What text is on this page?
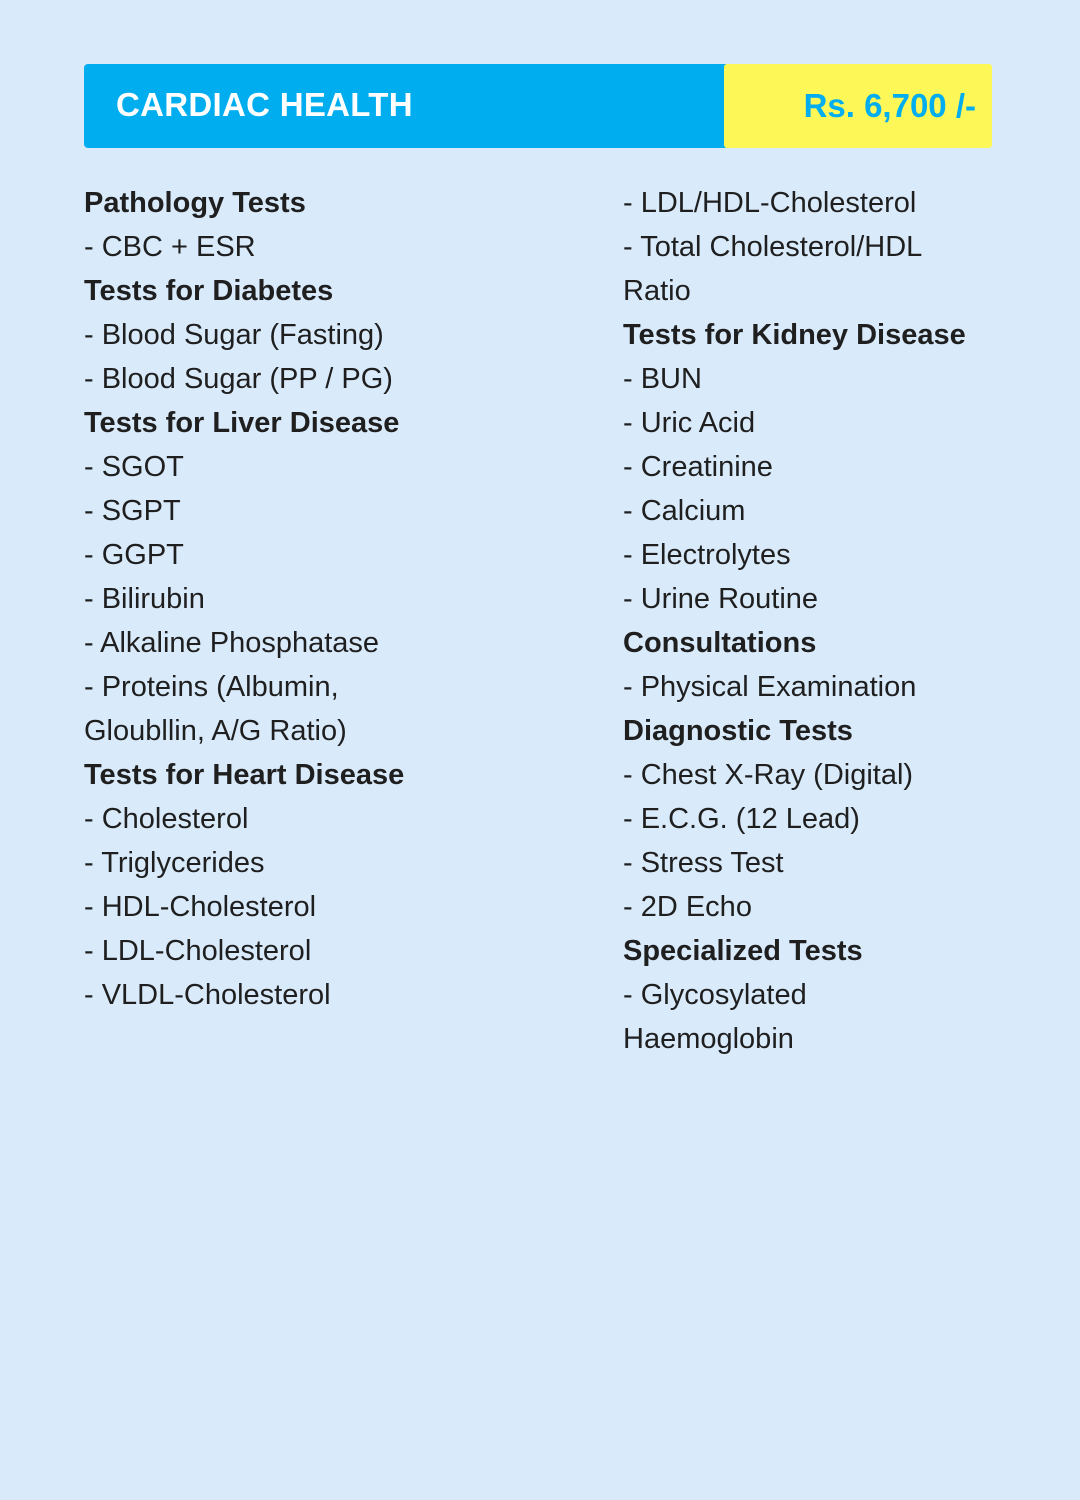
CARDIAC HEALTH	Rs. 6,700 /-
Pathology Tests
- CBC + ESR
Tests for Diabetes
- Blood Sugar (Fasting)
- Blood Sugar (PP / PG)
Tests for Liver Disease
- SGOT
- SGPT
- GGPT
- Bilirubin
- Alkaline Phosphatase
- Proteins (Albumin,
Gloubllin, A/G Ratio)
Tests for Heart Disease
- Cholesterol
- Triglycerides
- HDL-Cholesterol
- LDL-Cholesterol
- VLDL-Cholesterol
- LDL/HDL-Cholesterol
- Total Cholesterol/HDL
Ratio
Tests for Kidney Disease
- BUN
- Uric Acid
- Creatinine
- Calcium
- Electrolytes
- Urine Routine
Consultations
- Physical Examination
Diagnostic Tests
- Chest X-Ray (Digital)
- E.C.G. (12 Lead)
- Stress Test
- 2D Echo
Specialized Tests
- Glycosylated
Haemoglobin
